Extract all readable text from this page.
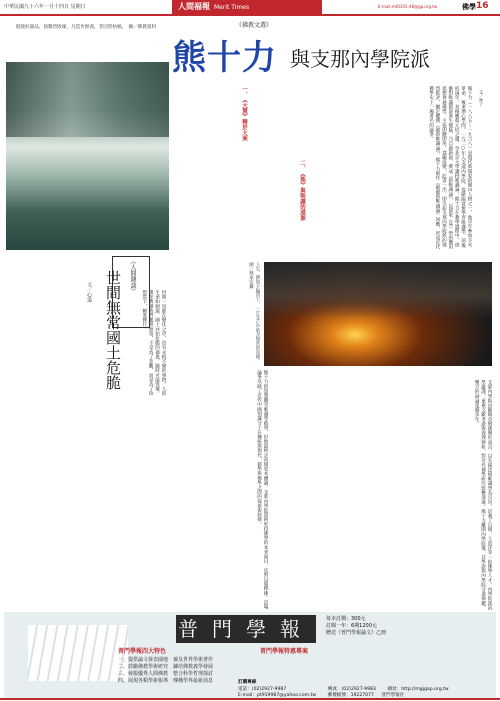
中華民國九十六年一月十四日 星期日	人間福報 Merit Times	E-mail:mt0101-48@gp.org.tw	佛學 16
假使好器品，捨數皆敗壞，凡造作無義，非因皆枯槁。　圖／佛教資料	《佛教文選》
熊十力 與支那內學院派
文／林子
熊十力（一八八五～一九六八）是現代新儒家的開山人物之一。他早年參加辛亥革命，後來潛心學問。一九二○年入支那內學院，從歐陽竟無學習唯識學，前後約兩年。其後應蔡元培之邀，至北京大學講授唯識論。熊十力在教學過程中，逐漸對唯識舊說產生懷疑，乃自創新說，撰成《新唯識論》，以儒家《易》學的體用思想會通佛學，主張即體即用、翕闢成變。此書一出，即引起支那內學院派的強烈批評，劉定權撰《破新唯識論》，熊十力則作《破破新唯識論》回應，形成近代佛學史上一場著名的論爭。
一、《大慧》精於大乘
二、《熊》與唯識的淵源
《人間雜談》
世間無常國土危脆
文／心道	世間一切都在變化之中，沒有永恆不變的事物。人的生命如朝露，國土亦如危脆的器皿，隨時可能毀壞。佛陀教導我們觀照無常，不是為了悲觀，而是為了珍惜當下，精進修行。	人生，猶如夕陽西下，一片光芒中暗含無常的真理。　圖／林家宏攝
熊十力的思想雖受唯識學啟發，但他最終走向儒家本體論。支那內學院派則堅持佛學的本來面目，反對以儒釋佛。這場論爭反映了近代中國知識分子在傳統與現代、儒學與佛學之間的探索與抉擇。	支那內學院由歐陽竟無創辦於南京，以弘揚法相唯識學為宗旨，培養了呂澂、王恩洋等一批佛學人才。內學院派治學嚴謹，重視文獻考證與義理辨析，對近代佛學研究影響深遠。熊十力離開內學院後，其學說與內學院分道揚鑣，雙方的辯論延續多年。
普門學報
普門學報四大特色	普門學報特惠專案
一、提供論文發表園地　兼及世界學術著作
二、鼓勵佛教學術研究　鍊培佛教義學發展
三、發掘優秀人間佛教　整合科學哲理探討
四、展現各類學術報導　傳播學界最新消息
每本訂價：300元
訂閱一年：6期1200元
贈送《普門學報論文》乙冊
訂購專線
電話：(02)2927-9987	傳真：(02)2927-9983 網址：http://mgjgap.org.tw
E-mail：pt919987@yahoo.com.tw 郵撥帳號：19227077 普門學報社
